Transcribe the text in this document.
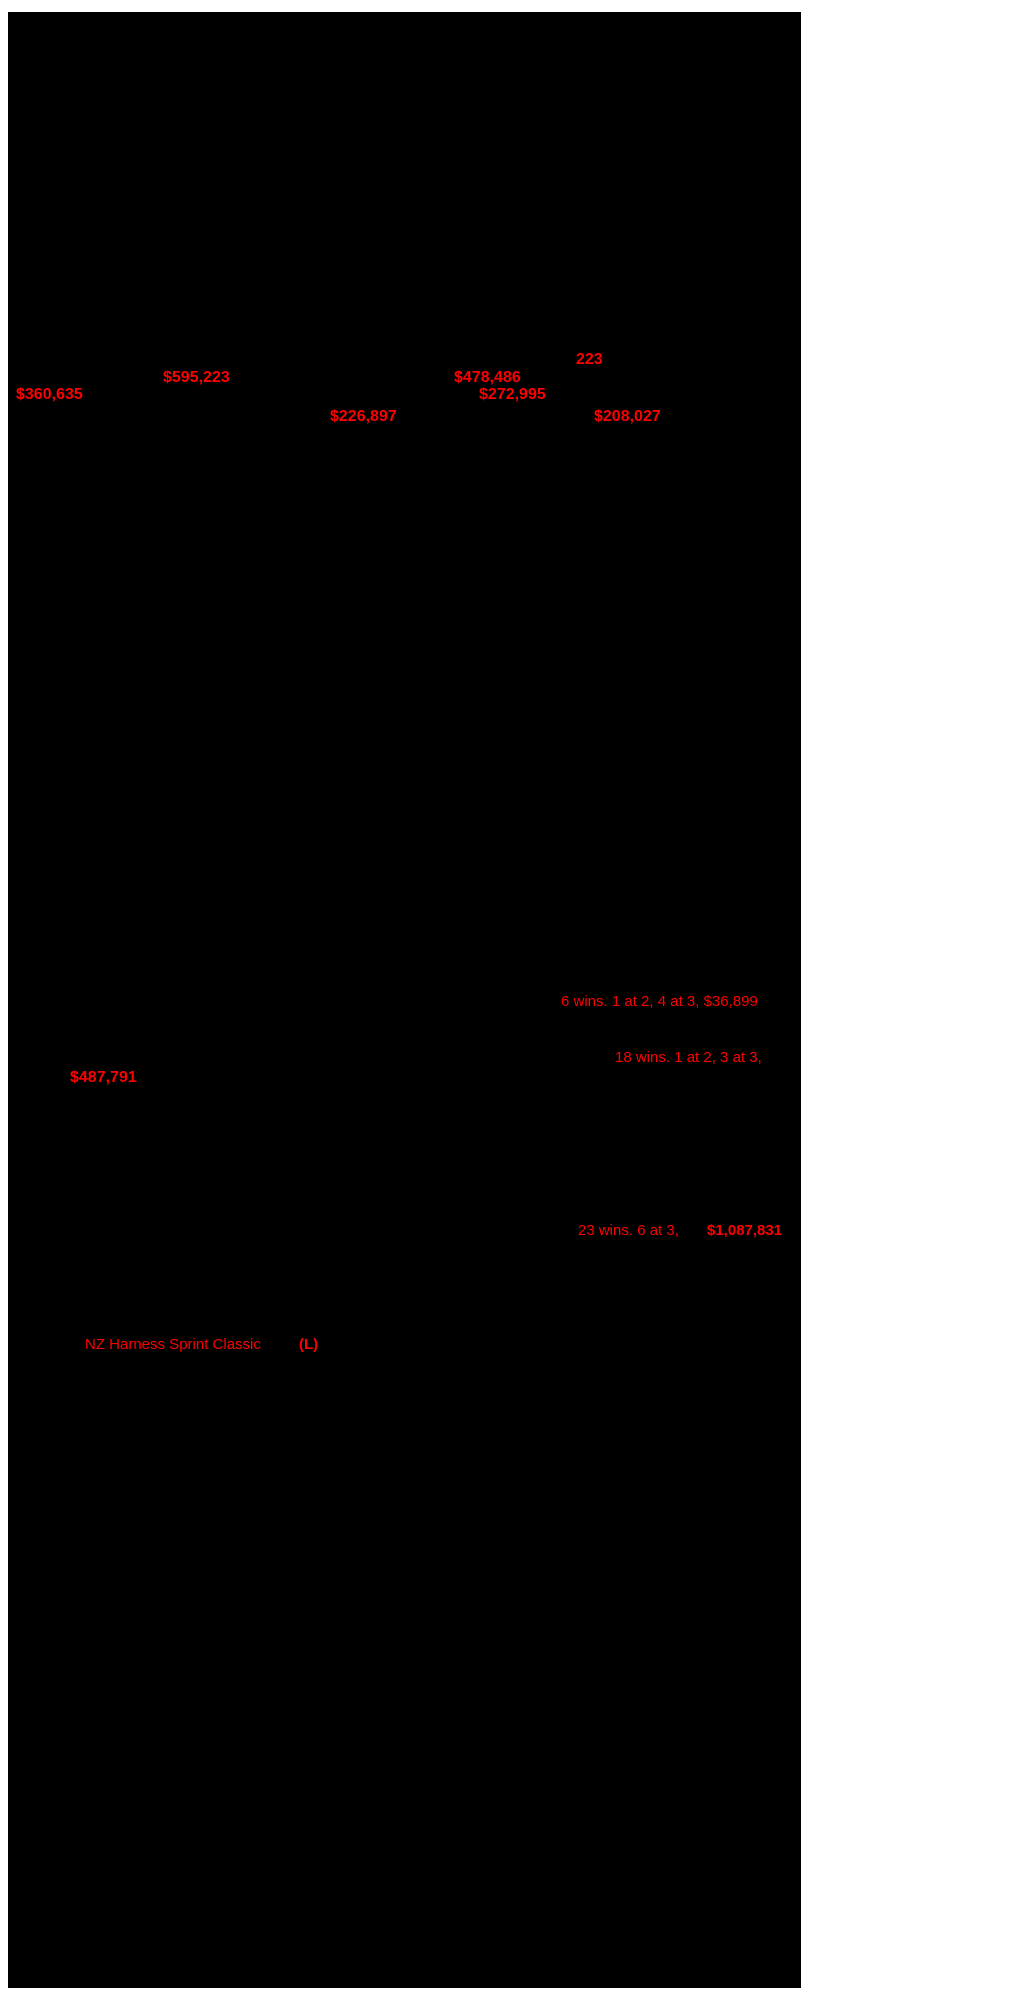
$360,635
$595,223
$226,897
$478,486
$272,995
223
$208,027
6 wins. 1 at 2, 4 at 3, $36,899
18 wins. 1 at 2, 3 at 3,
$487,791
23 wins. 6 at 3, $1,087,831
NZ Harness Sprint Classic	(L)
